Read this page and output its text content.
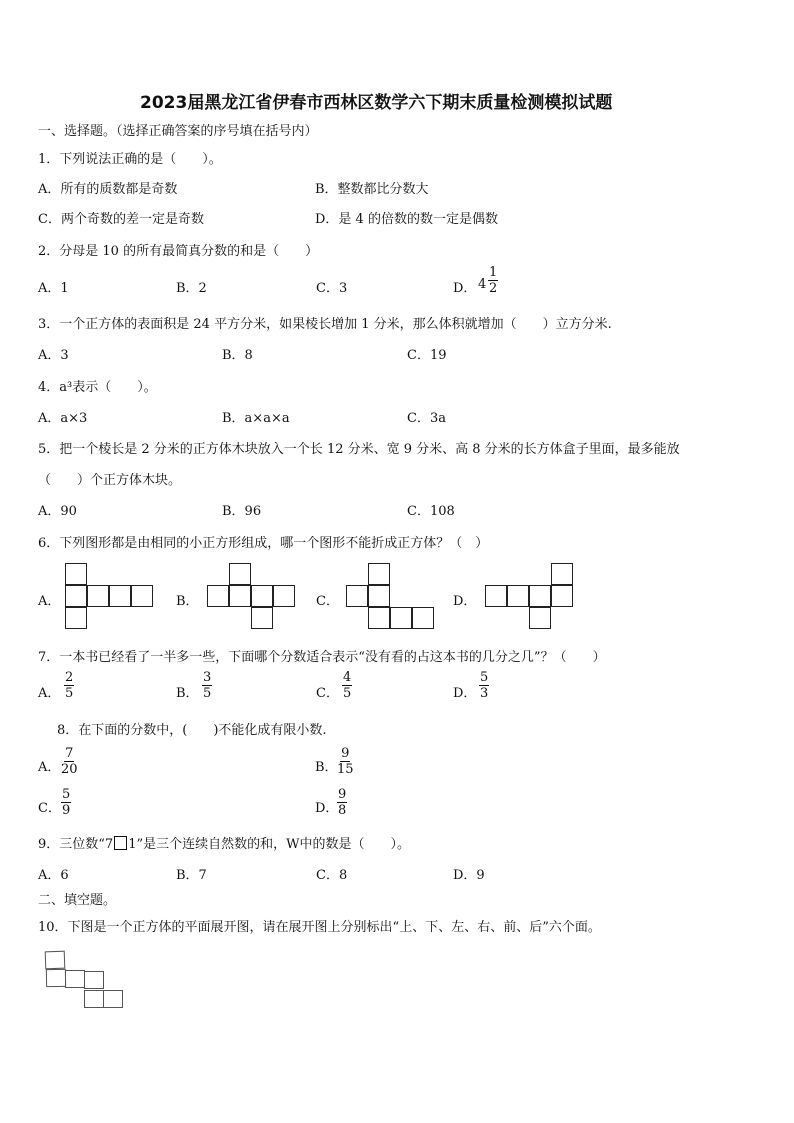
2023届黑龙江省伊春市西林区数学六下期末质量检测模拟试题
一、选择题。（选择正确答案的序号填在括号内）
1．下列说法正确的是（　　）。
A．所有的质数都是奇数	B．整数都比分数大
C．两个奇数的差一定是奇数	D．是 4 的倍数的数一定是偶数
2．分母是 10 的所有最简真分数的和是（　　）
A．1	B．2	C．3	D． $4 \frac{1}{2}$
3．一个正方体的表面积是 24 平方分米，如果棱长增加 1 分米，那么体积就增加（　　）立方分米.
A．3	B．8	C．19
4．a³表示（　　）。
A．a×3	B．a×a×a	C．3a
5．把一个棱长是 2 分米的正方体木块放入一个长 12 分米、宽 9 分米、高 8 分米的长方体盒子里面，最多能放
（　　）个正方体木块。
A．90	B．96	C．108
6．下列图形都是由相同的小正方形组成，哪一个图形不能折成正方体？（　）
A．	B．	C．	D．
7．一本书已经看了一半多一些，下面哪个分数适合表示“没有看的占这本书的几分之几”？（　　）
A． $\frac{2}{5}$	B． $\frac{3}{5}$	C． $\frac{4}{5}$	D． $\frac{5}{3}$
8．在下面的分数中，(　　)不能化成有限小数.
A． $\frac{7}{20}$	B． $\frac{9}{15}$
C． $\frac{5}{9}$	D．
$\frac{9}{8}$
9．三位数“7 1”是三个连续自然数的和，W中的数是（　　）。
A．6	B．7	C．8	D．9
二、填空题。
10．下图是一个正方体的平面展开图，请在展开图上分别标出“上、下、左、右、前、后”六个面。
